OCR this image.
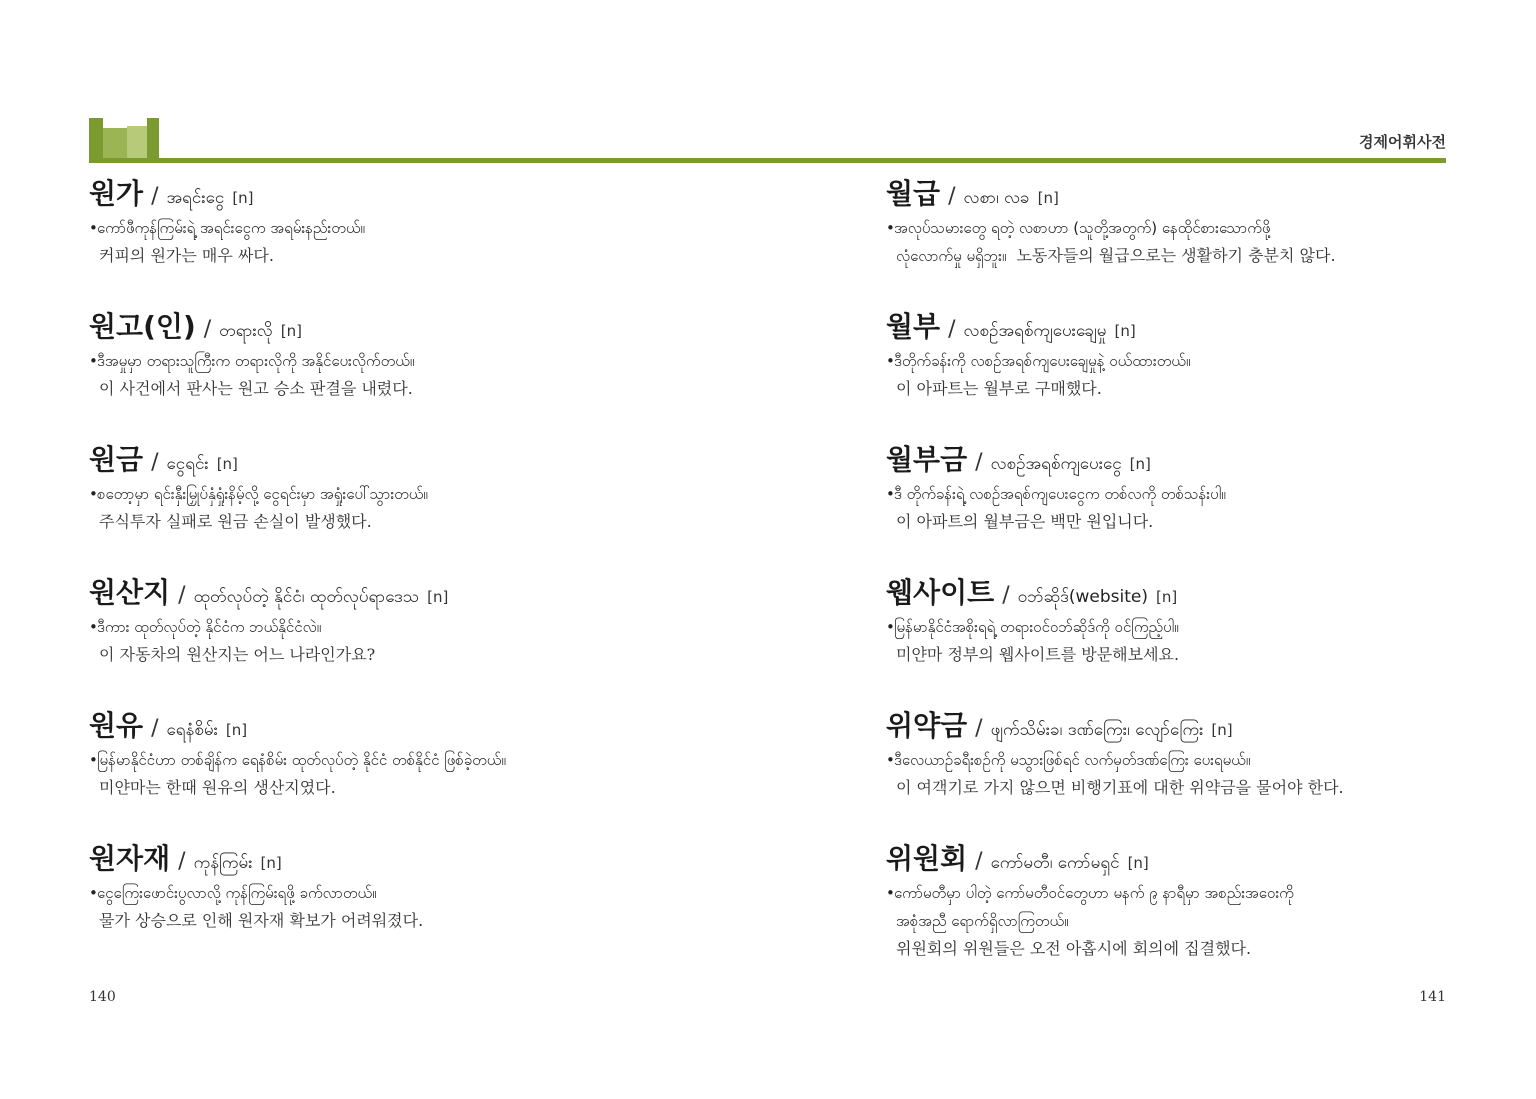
경제어휘사전
원가 / အရင်းငွေ [n]
•ကော်ဖီကုန်ကြမ်းရဲ့ အရင်းငွေက အရမ်းနည်းတယ်။
커피의 원가는 매우 싸다.
원고(인) / တရားလို [n]
•ဒီအမှုမှာ တရားသူကြီးက တရားလိုကို အနိုင်ပေးလိုက်တယ်။
이 사건에서 판사는 원고 승소 판결을 내렸다.
원금 / ငွေရင်း [n]
•စတော့မှာ ရင်းနှီးမြှုပ်နှံရှုံးနိမ့်လို့ ငွေရင်းမှာ အရှုံးပေါ်သွားတယ်။
주식투자 실패로 원금 손실이 발생했다.
원산지 / ထုတ်လုပ်တဲ့ နိုင်ငံ၊ ထုတ်လုပ်ရာဒေသ [n]
•ဒီကား ထုတ်လုပ်တဲ့ နိုင်ငံက ဘယ်နိုင်ငံလဲ။
이 자동차의 원산지는 어느 나라인가요?
원유 / ရေနံစိမ်း [n]
•မြန်မာနိုင်ငံဟာ တစ်ချိန်က ရေနံစိမ်း ထုတ်လုပ်တဲ့ နိုင်ငံ တစ်နိုင်ငံ ဖြစ်ခဲ့တယ်။
미얀마는 한때 원유의 생산지였다.
원자재 / ကုန်ကြမ်း [n]
•ငွေကြေးဖောင်းပွလာလို့ ကုန်ကြမ်းရဖို့ ခက်လာတယ်။
물가 상승으로 인해 원자재 확보가 어려워졌다.
월급 / လစာ၊ လခ [n]
•အလုပ်သမားတွေ ရတဲ့ လစာဟာ (သူတို့အတွက်) နေထိုင်စားသောက်ဖို့
လုံလောက်မှု မရှိဘူး။ 노동자들의 월급으로는 생활하기 충분치 않다.
월부 / လစဉ်အရစ်ကျပေးချေမှု [n]
•ဒီတိုက်ခန်းကို လစဉ်အရစ်ကျပေးချေမှုနဲ့ ဝယ်ထားတယ်။
이 아파트는 월부로 구매했다.
월부금 / လစဉ်အရစ်ကျပေးငွေ [n]
•ဒီ တိုက်ခန်းရဲ့ လစဉ်အရစ်ကျပေးငွေက တစ်လကို တစ်သန်းပါ။
이 아파트의 월부금은 백만 원입니다.
웹사이트 / ဝဘ်ဆိုဒ်(website) [n]
•မြန်မာနိုင်ငံအစိုးရရဲ့ တရားဝင်ဝဘ်ဆိုဒ်ကို ဝင်ကြည့်ပါ။
미얀마 정부의 웹사이트를 방문해보세요.
위약금 / ဖျက်သိမ်းခ၊ ဒဏ်ကြေး၊ လျော်ကြေး [n]
•ဒီလေယာဉ်ခရီးစဉ်ကို မသွားဖြစ်ရင် လက်မှတ်ဒဏ်ကြေး ပေးရမယ်။
이 여객기로 가지 않으면 비행기표에 대한 위약금을 물어야 한다.
위원회 / ကော်မတီ၊ ကော်မရှင် [n]
•ကော်မတီမှာ ပါတဲ့ ကော်မတီဝင်တွေဟာ မနက် ၉ နာရီမှာ အစည်းအဝေးကို
အစုံအညီ ရောက်ရှိလာကြတယ်။
위원회의 위원들은 오전 아홉시에 회의에 집결했다.
140	141
